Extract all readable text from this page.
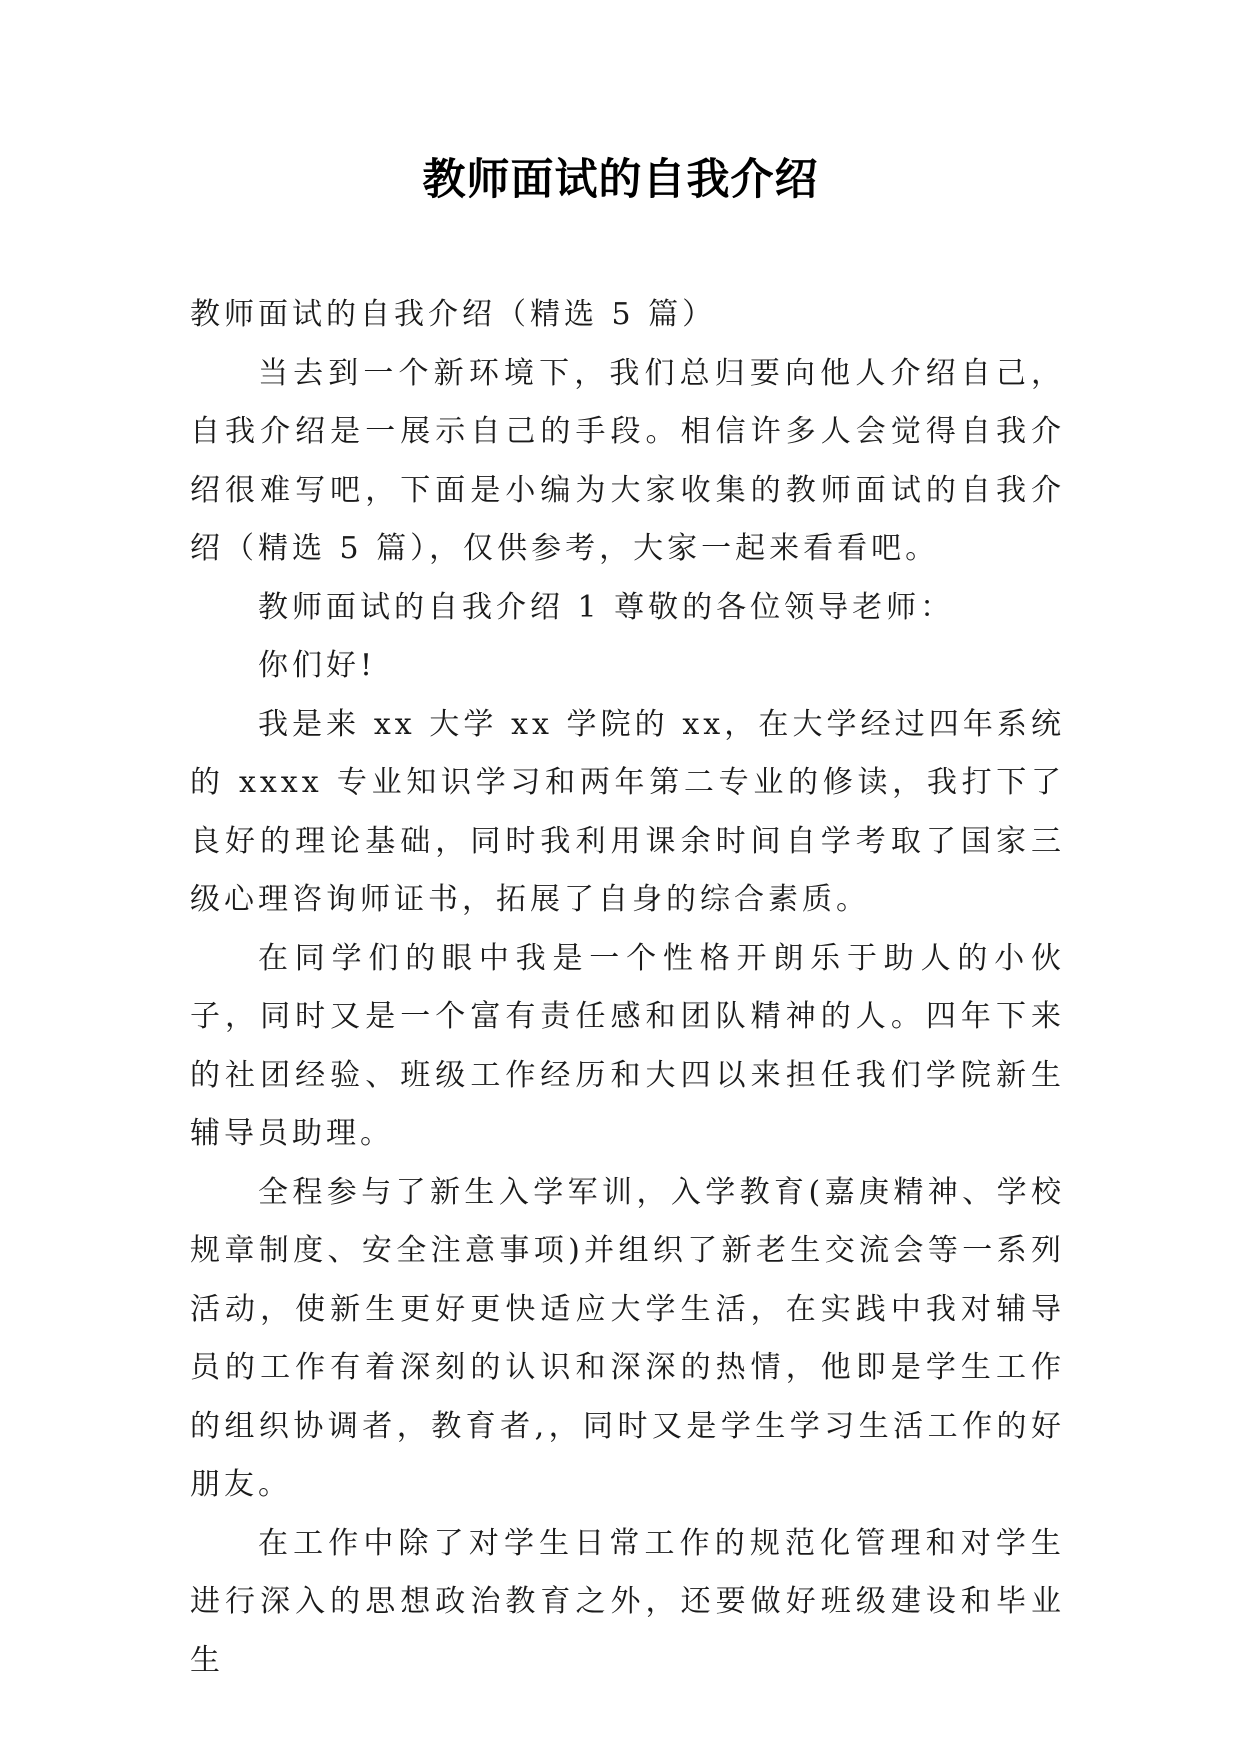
教师面试的自我介绍

教师面试的自我介绍（精选 5 篇）

当去到一个新环境下，我们总归要向他人介绍自己，自我介绍是一展示自己的手段。相信许多人会觉得自我介绍很难写吧，下面是小编为大家收集的教师面试的自我介绍（精选 5 篇），仅供参考，大家一起来看看吧。

教师面试的自我介绍 1 尊敬的各位领导老师：

你们好!

我是来 xx 大学 xx 学院的 xx，在大学经过四年系统的 xxxx 专业知识学习和两年第二专业的修读，我打下了良好的理论基础，同时我利用课余时间自学考取了国家三级心理咨询师证书，拓展了自身的综合素质。

在同学们的眼中我是一个性格开朗乐于助人的小伙子，同时又是一个富有责任感和团队精神的人。四年下来的社团经验、班级工作经历和大四以来担任我们学院新生辅导员助理。

全程参与了新生入学军训，入学教育(嘉庚精神、学校规章制度、安全注意事项)并组织了新老生交流会等一系列活动，使新生更好更快适应大学生活，在实践中我对辅导员的工作有着深刻的认识和深深的热情，他即是学生工作的组织协调者，教育者,，同时又是学生学习生活工作的好朋友。

在工作中除了对学生日常工作的规范化管理和对学生进行深入的思想政治教育之外，还要做好班级建设和毕业生
